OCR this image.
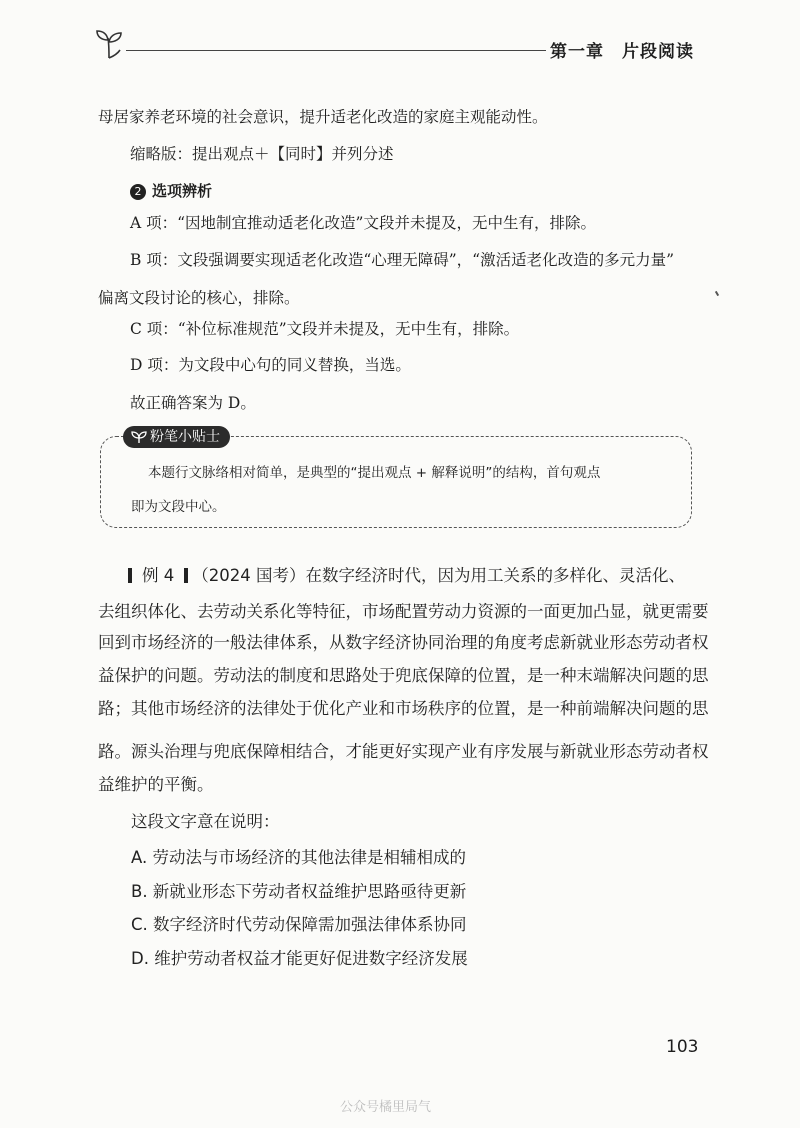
第一章 片段阅读
母居家养老环境的社会意识，提升适老化改造的家庭主观能动性。
缩略版：提出观点＋【同时】并列分述
2 选项辨析
A 项：“因地制宜推动适老化改造”文段并未提及，无中生有，排除。
B 项：文段强调要实现适老化改造“心理无障碍”，“激活适老化改造的多元力量”
偏离文段讨论的核心，排除。
C 项：“补位标准规范”文段并未提及，无中生有，排除。
D 项：为文段中心句的同义替换，当选。
故正确答案为 D。
粉笔小贴士
本题行文脉络相对简单，是典型的“提出观点 + 解释说明”的结构，首句观点
即为文段中心。
例 4 （2024 国考）在数字经济时代，因为用工关系的多样化、灵活化、
去组织体化、去劳动关系化等特征，市场配置劳动力资源的一面更加凸显，就更需要
回到市场经济的一般法律体系，从数字经济协同治理的角度考虑新就业形态劳动者权
益保护的问题。劳动法的制度和思路处于兜底保障的位置，是一种末端解决问题的思
路；其他市场经济的法律处于优化产业和市场秩序的位置，是一种前端解决问题的思
路。源头治理与兜底保障相结合，才能更好实现产业有序发展与新就业形态劳动者权
益维护的平衡。
这段文字意在说明：
A. 劳动法与市场经济的其他法律是相辅相成的
B. 新就业形态下劳动者权益维护思路亟待更新
C. 数字经济时代劳动保障需加强法律体系协同
D. 维护劳动者权益才能更好促进数字经济发展
103
公众号橘里局气
